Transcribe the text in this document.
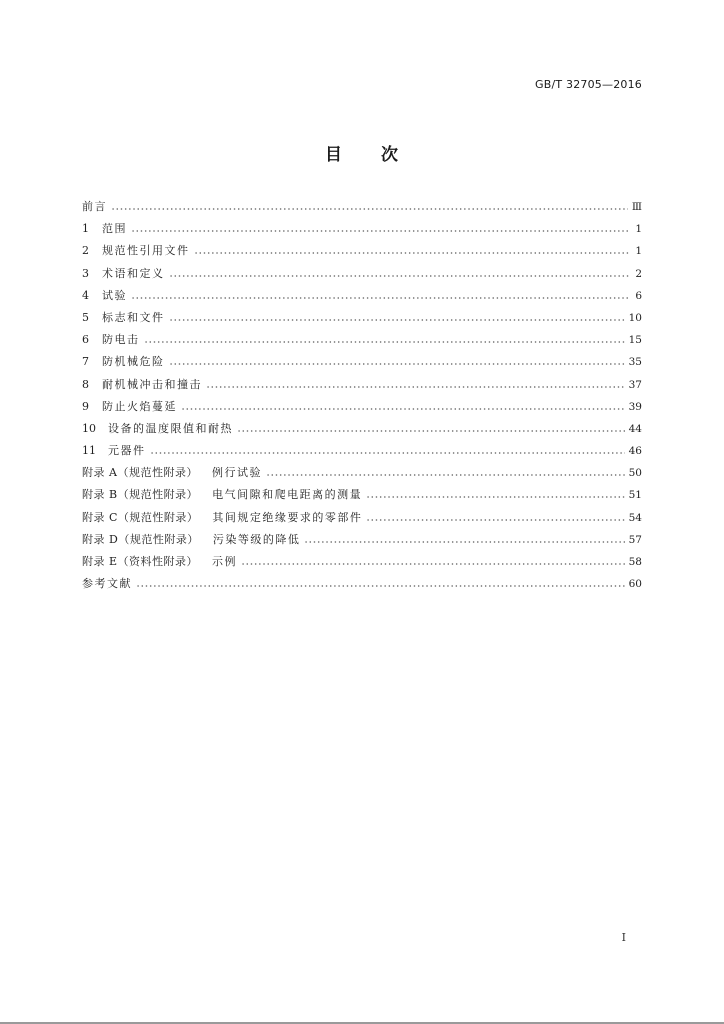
GB/T 32705—2016
目 次
前言	Ⅲ
1	范围	1
2	规范性引用文件	1
3	术语和定义	2
4	试验	6
5	标志和文件	10
6	防电击	15
7	防机械危险	35
8	耐机械冲击和撞击	37
9	防止火焰蔓延	39
10	设备的温度限值和耐热	44
11	元器件	46
附录 A（规范性附录） 例行试验	50
附录 B（规范性附录） 电气间隙和爬电距离的测量	51
附录 C（规范性附录） 其间规定绝缘要求的零部件	54
附录 D（规范性附录） 污染等级的降低	57
附录 E（资料性附录） 示例	58
参考文献	60
I
